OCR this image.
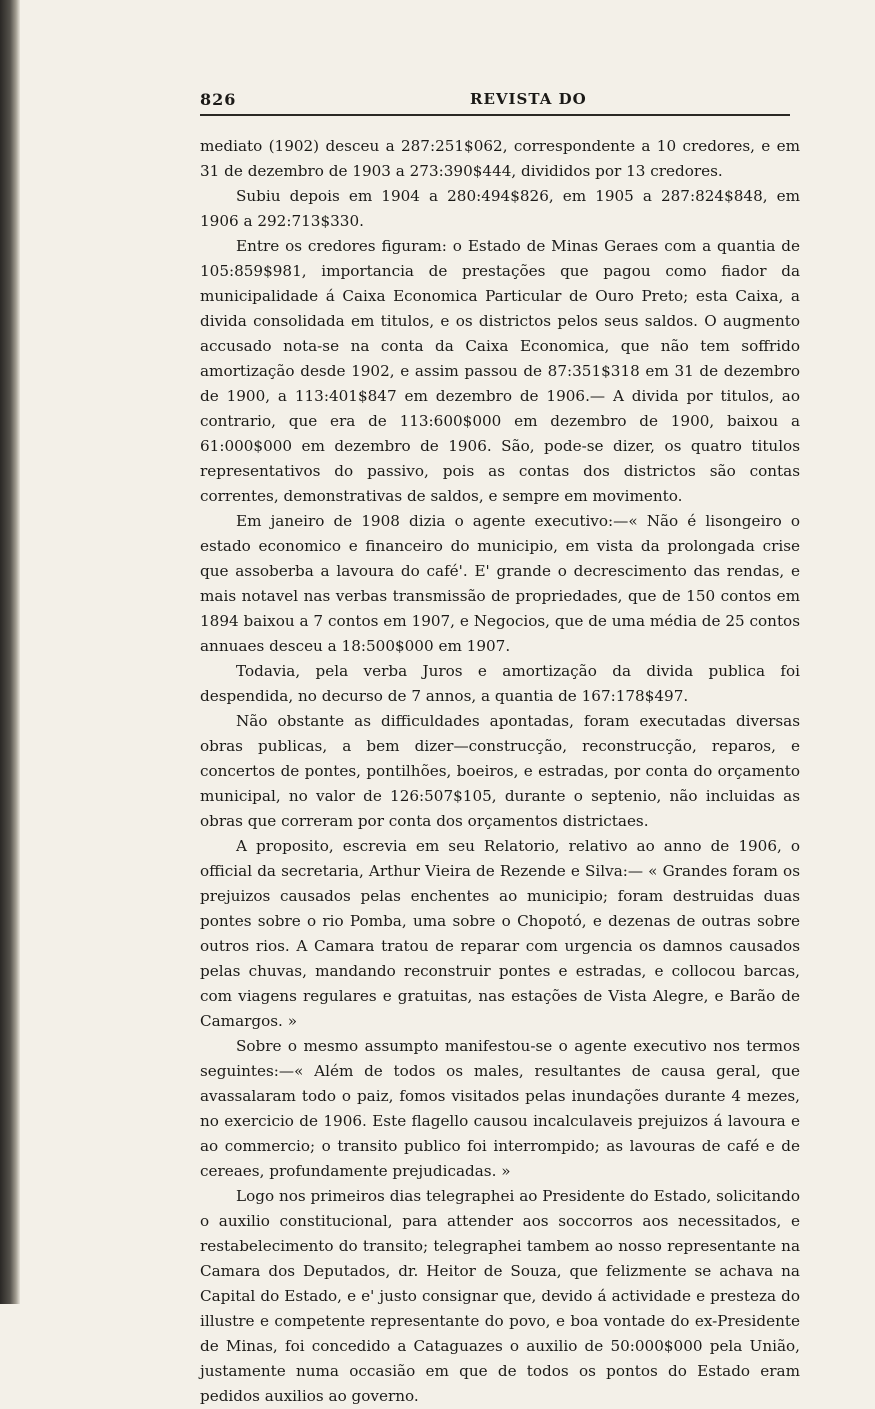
826	REVISTA DO

mediato (1902) desceu a 287:251$062, correspondente a 10 credores, e em 31 de dezembro de 1903 a 273:390$444, divididos por 13 credores.

Subiu depois em 1904 a 280:494$826, em 1905 a 287:824$848, em 1906 a 292:713$330.

Entre os credores figuram: o Estado de Minas Geraes com a quantia de 105:859$981, importancia de prestações que pagou como fiador da municipalidade á Caixa Economica Particular de Ouro Preto; esta Caixa, a divida consolidada em titulos, e os districtos pelos seus saldos. O augmento accusado nota-se na conta da Caixa Economica, que não tem soffrido amortização desde 1902, e assim passou de 87:351$318 em 31 de dezembro de 1900, a 113:401$847 em dezembro de 1906.— A divida por titulos, ao contrario, que era de 113:600$000 em dezembro de 1900, baixou a 61:000$000 em dezembro de 1906. São, pode-se dizer, os quatro titulos representativos do passivo, pois as contas dos districtos são contas correntes, demonstrativas de saldos, e sempre em movimento.

Em janeiro de 1908 dizia o agente executivo:—« Não é lisongeiro o estado economico e financeiro do municipio, em vista da prolongada crise que assoberba a lavoura do café'. E' grande o decrescimento das rendas, e mais notavel nas verbas transmissão de propriedades, que de 150 contos em 1894 baixou a 7 contos em 1907, e Negocios, que de uma média de 25 contos annuaes desceu a 18:500$000 em 1907.

Todavia, pela verba Juros e amortização da divida publica foi despendida, no decurso de 7 annos, a quantia de 167:178$497.

Não obstante as difficuldades apontadas, foram executadas diversas obras publicas, a bem dizer—construcção, reconstrucção, reparos, e concertos de pontes, pontilhões, boeiros, e estradas, por conta do orçamento municipal, no valor de 126:507$105, durante o septenio, não incluidas as obras que correram por conta dos orçamentos districtaes.

A proposito, escrevia em seu Relatorio, relativo ao anno de 1906, o official da secretaria, Arthur Vieira de Rezende e Silva:— « Grandes foram os prejuizos causados pelas enchentes ao municipio; foram destruidas duas pontes sobre o rio Pomba, uma sobre o Chopotó, e dezenas de outras sobre outros rios. A Camara tratou de reparar com urgencia os damnos causados pelas chuvas, mandando reconstruir pontes e estradas, e collocou barcas, com viagens regulares e gratuitas, nas estações de Vista Alegre, e Barão de Camargos. »

Sobre o mesmo assumpto manifestou-se o agente executivo nos termos seguintes:—« Além de todos os males, resultantes de causa geral, que avassalaram todo o paiz, fomos visitados pelas inundações durante 4 mezes, no exercicio de 1906. Este flagello causou incalculaveis prejuizos á lavoura e ao commercio; o transito publico foi interrompido; as lavouras de café e de cereaes, profundamente prejudicadas. »

Logo nos primeiros dias telegraphei ao Presidente do Estado, solicitando o auxilio constitucional, para attender aos soccorros aos necessitados, e restabelecimento do transito; telegraphei tambem ao nosso representante na Camara dos Deputados, dr. Heitor de Souza, que felizmente se achava na Capital do Estado, e e' justo consignar que, devido á actividade e presteza do illustre e competente representante do povo, e boa vontade do ex-Presidente de Minas, foi concedido a Cataguazes o auxilio de 50:000$000 pela União, justamente numa occasião em que de todos os pontos do Estado eram pedidos auxilios ao governo.
